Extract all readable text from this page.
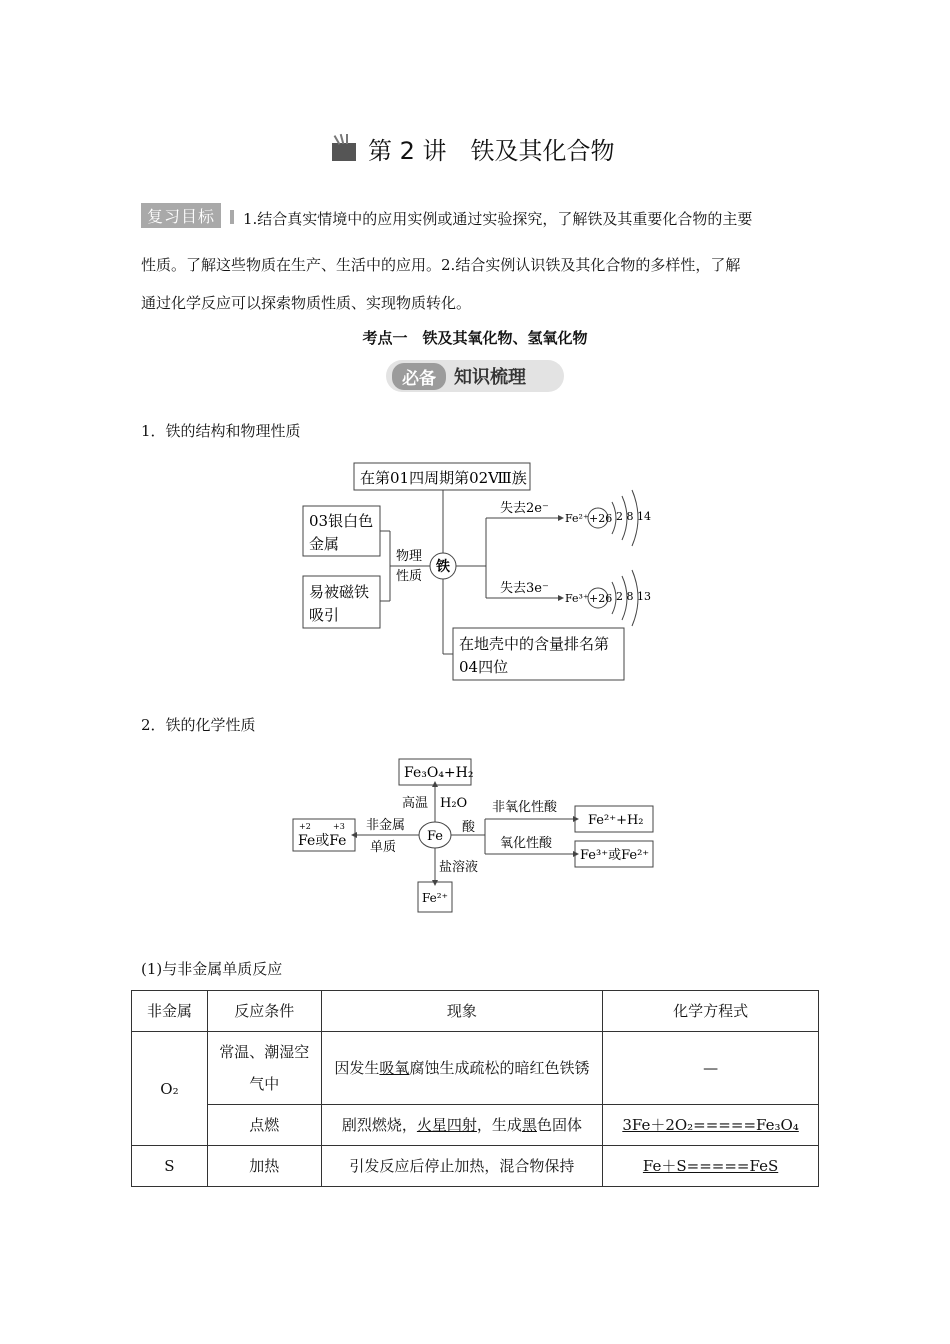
第 2 讲　铁及其化合物
复习目标	1.结合真实情境中的应用实例或通过实验探究，了解铁及其重要化合物的主要
性质。了解这些物质在生产、生活中的应用。2.结合实例认识铁及其化合物的多样性，了解
通过化学反应可以探索物质性质、实现物质转化。
考点一　铁及其氧化物、氢氧化物
必备	知识梳理
1．铁的结构和物理性质
在第01四周期第02Ⅷ族
03银白色
金属
易被磁铁
吸引
物理
性质
铁
失去2e⁻
失去3e⁻
Fe²⁺
Fe³⁺
+26
+26
2 8 14
2 8 13
在地壳中的含量排名第
04四位
2．铁的化学性质
Fe₃O₄+H₂
高温 H₂O
+2	+3
Fe或Fe
非金属
单质
Fe
酸
非氧化性酸
氧化性酸
Fe²⁺+H₂
Fe³⁺或Fe²⁺
盐溶液
Fe²⁺
(1)与非金属单质反应
非金属	反应条件	现象	化学方程式
O₂	常温、潮湿空气中	因发生吸氧腐蚀生成疏松的暗红色铁锈	—
	点燃	剧烈燃烧，火星四射，生成黑色固体	3Fe＋2O₂=====Fe₃O₄
S	加热	引发反应后停止加热，混合物保持	Fe＋S=====FeS
